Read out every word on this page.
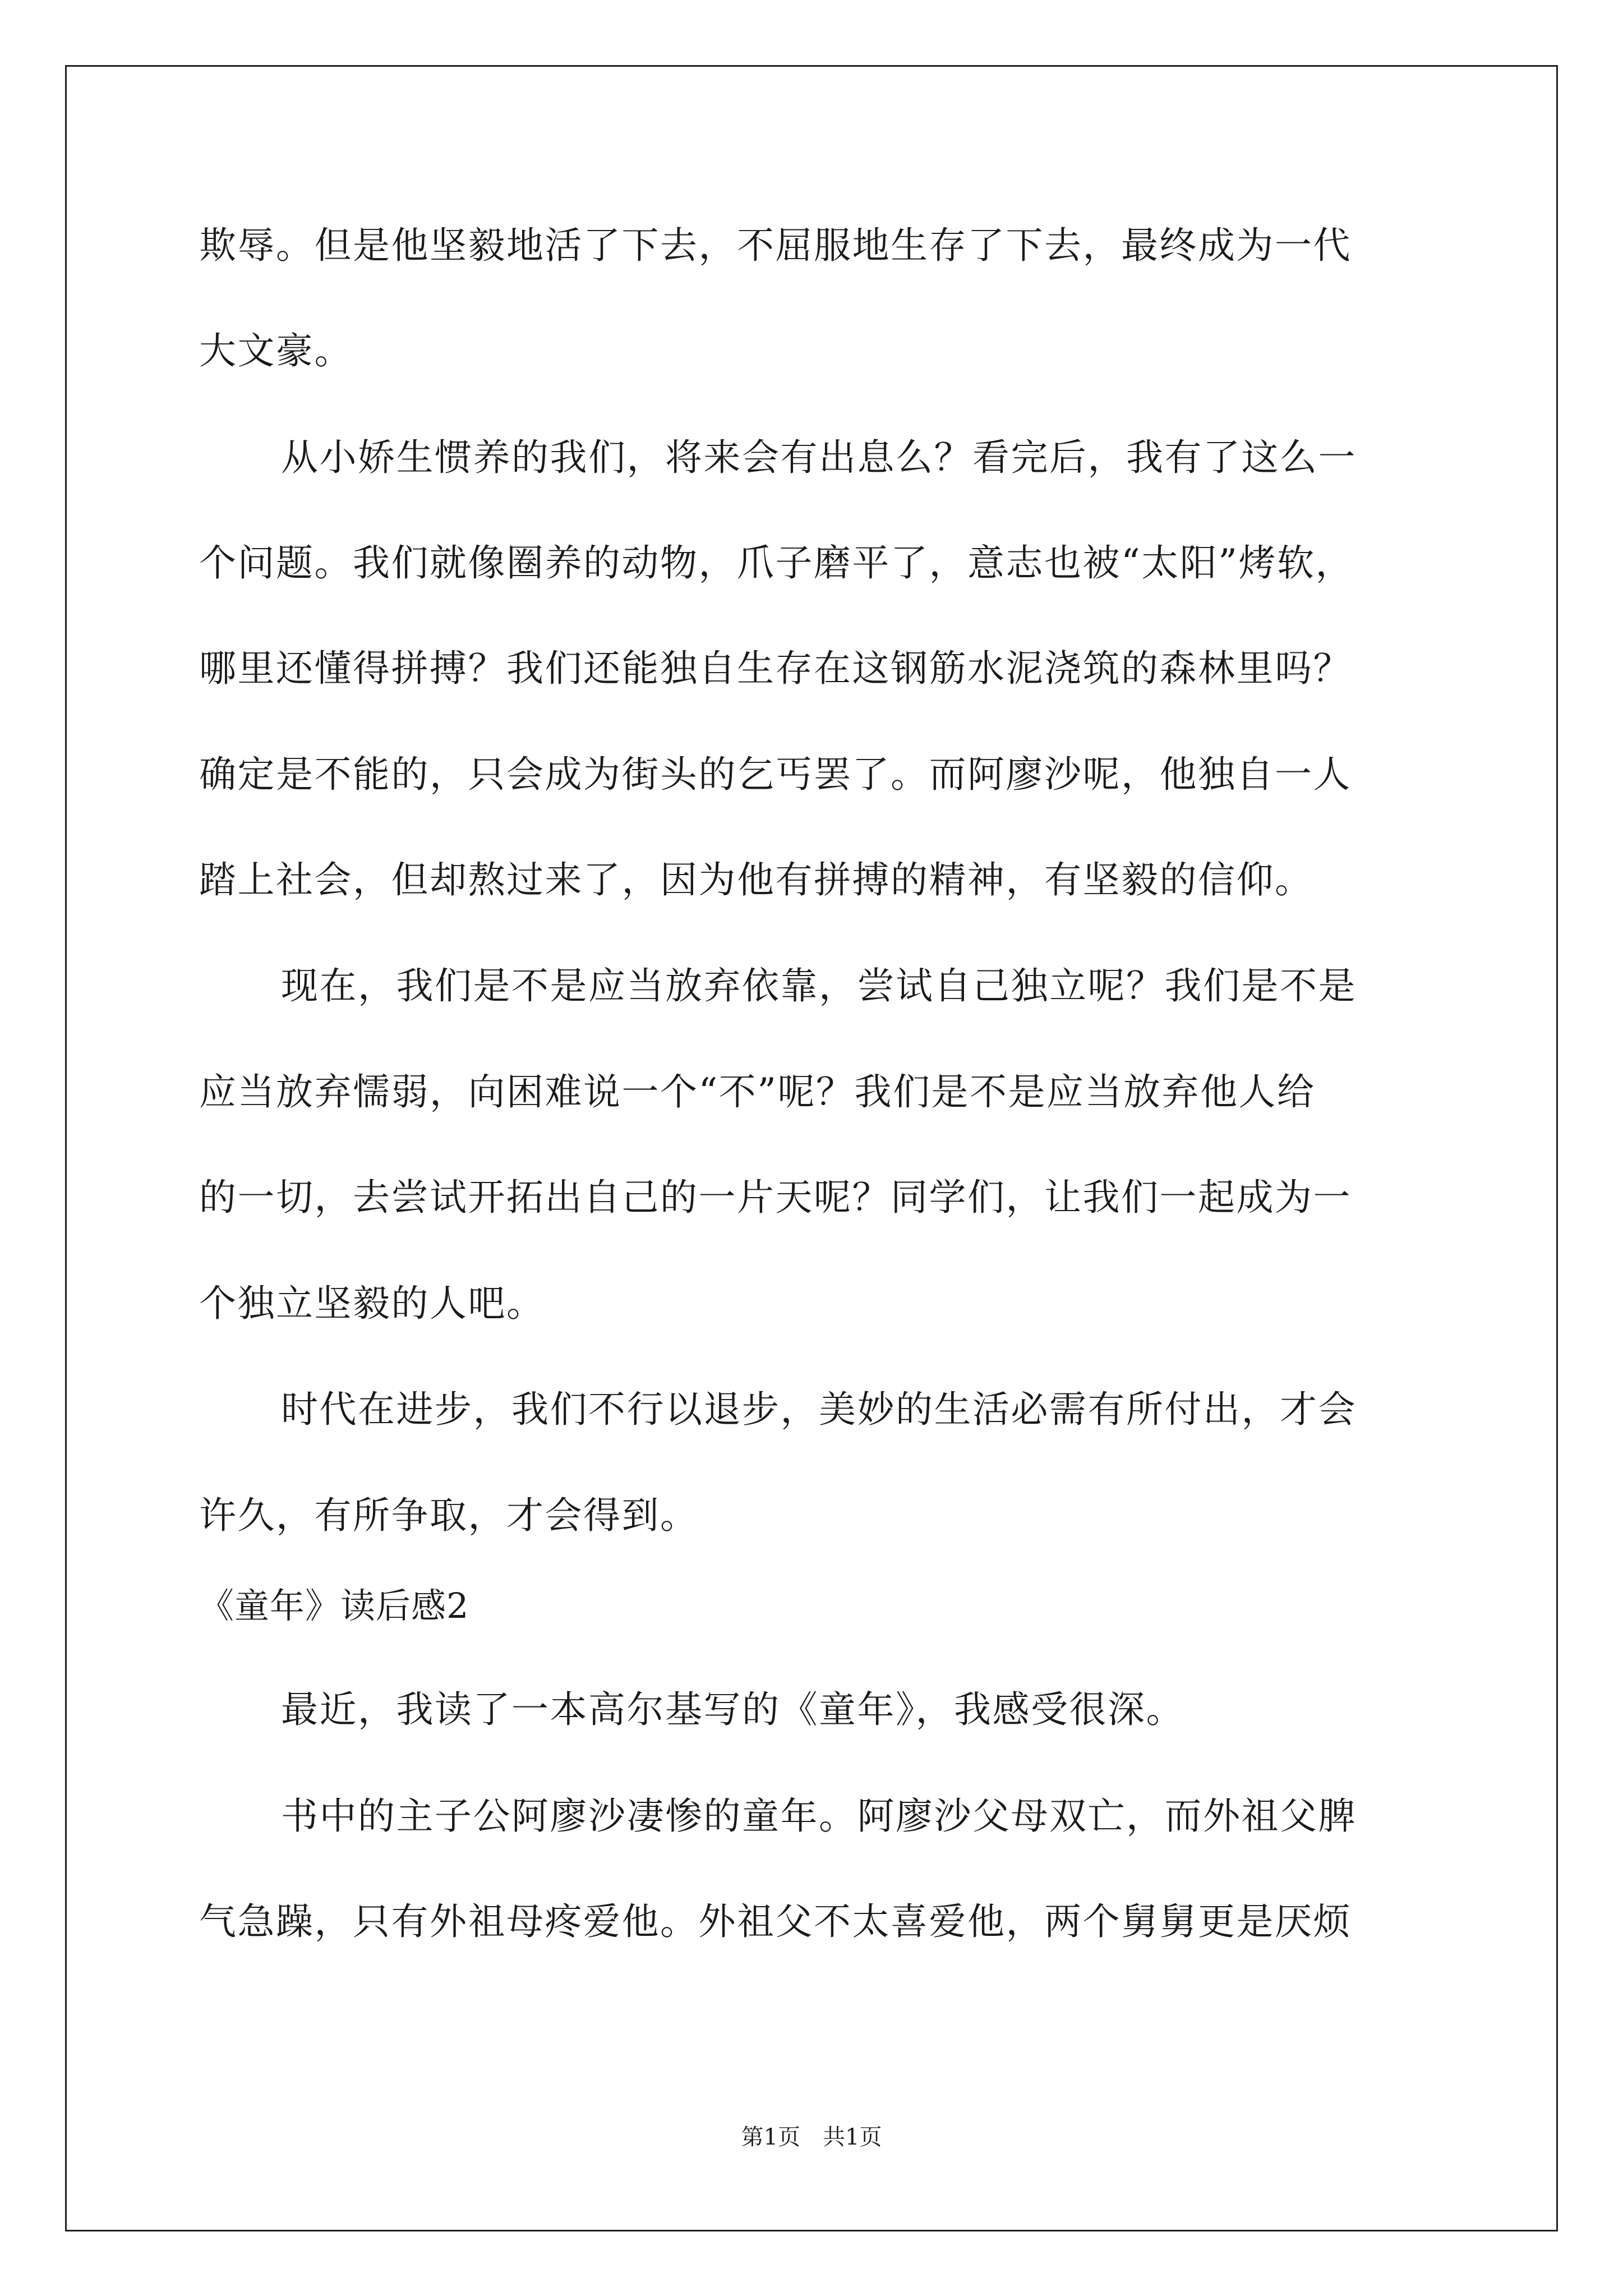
欺辱。但是他坚毅地活了下去，不屈服地生存了下去，最终成为一代
大文豪。
从小娇生惯养的我们，将来会有出息么？看完后，我有了这么一
个问题。我们就像圈养的动物，爪子磨平了，意志也被“太阳”烤软，
哪里还懂得拼搏？我们还能独自生存在这钢筋水泥浇筑的森林里吗？
确定是不能的，只会成为街头的乞丐罢了。而阿廖沙呢，他独自一人
踏上社会，但却熬过来了，因为他有拼搏的精神，有坚毅的信仰。
现在，我们是不是应当放弃依靠，尝试自己独立呢？我们是不是
应当放弃懦弱，向困难说一个“不”呢？我们是不是应当放弃他人给
的一切，去尝试开拓出自己的一片天呢？同学们，让我们一起成为一
个独立坚毅的人吧。
时代在进步，我们不行以退步，美妙的生活必需有所付出，才会
许久，有所争取，才会得到。
《童年》读后感2
最近，我读了一本高尔基写的《童年》，我感受很深。
书中的主子公阿廖沙凄惨的童年。阿廖沙父母双亡，而外祖父脾
气急躁，只有外祖母疼爱他。外祖父不太喜爱他，两个舅舅更是厌烦
第1页　共1页
